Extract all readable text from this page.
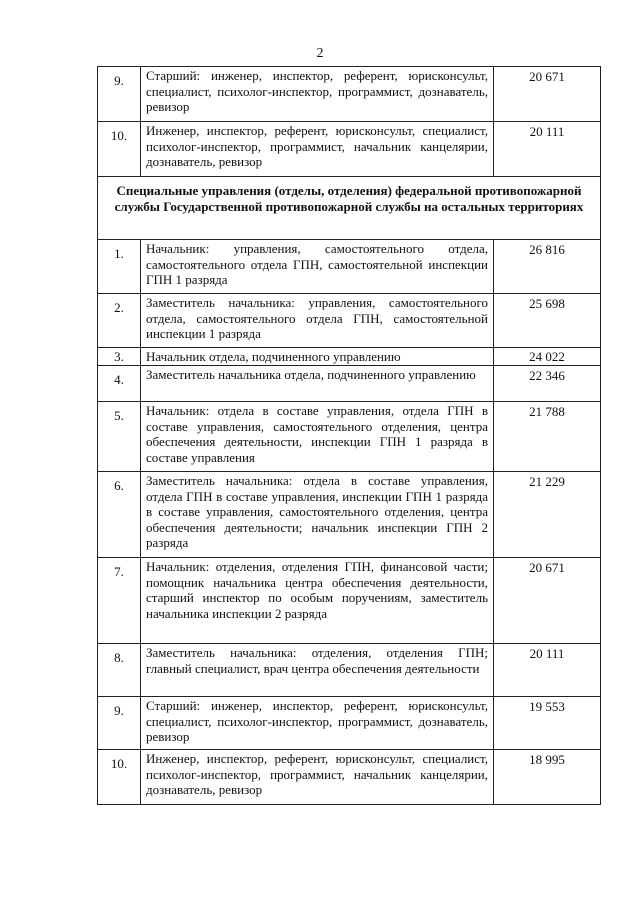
2
9.	Старший: инженер, инспектор, референт, юрисконсульт, специалист, психолог-инспектор, программист, дознаватель, ревизор	20 671
10.	Инженер, инспектор, референт, юрисконсульт, специалист, психолог-инспектор, программист, начальник канцелярии, дознаватель, ревизор	20 111
Специальные управления (отделы, отделения) федеральной противопожарной службы Государственной противопожарной службы на остальных территориях		
1.	Начальник: управления, самостоятельного отдела, самостоятельного отдела ГПН, самостоятельной инспекции ГПН 1 разряда	26 816
2.	Заместитель начальника: управления, самостоятельного отдела, самостоятельного отдела ГПН, самостоятельной инспекции 1 разряда	25 698
3.	Начальник отдела, подчиненного управлению	24 022
4.	Заместитель начальника отдела, подчиненного управлению	22 346
5.	Начальник: отдела в составе управления, отдела ГПН в составе управления, самостоятельного отделения, центра обеспечения деятельности, инспекции ГПН 1 разряда в составе управления	21 788
6.	Заместитель начальника: отдела в составе управления, отдела ГПН в составе управления, инспекции ГПН 1 разряда в составе управления, самостоятельного отделения, центра обеспечения деятельности; начальник инспекции ГПН 2 разряда	21 229
7.	Начальник: отделения, отделения ГПН, финансовой части; помощник начальника центра обеспечения деятельности, старший инспектор по особым поручениям, заместитель начальника инспекции 2 разряда	20 671
8.	Заместитель начальника: отделения, отделения ГПН; главный специалист, врач центра обеспечения деятельности	20 111
9.	Старший: инженер, инспектор, референт, юрисконсульт, специалист, психолог-инспектор, программист, дознаватель, ревизор	19 553
10.	Инженер, инспектор, референт, юрисконсульт, специалист, психолог-инспектор, программист, начальник канцелярии, дознаватель, ревизор	18 995
